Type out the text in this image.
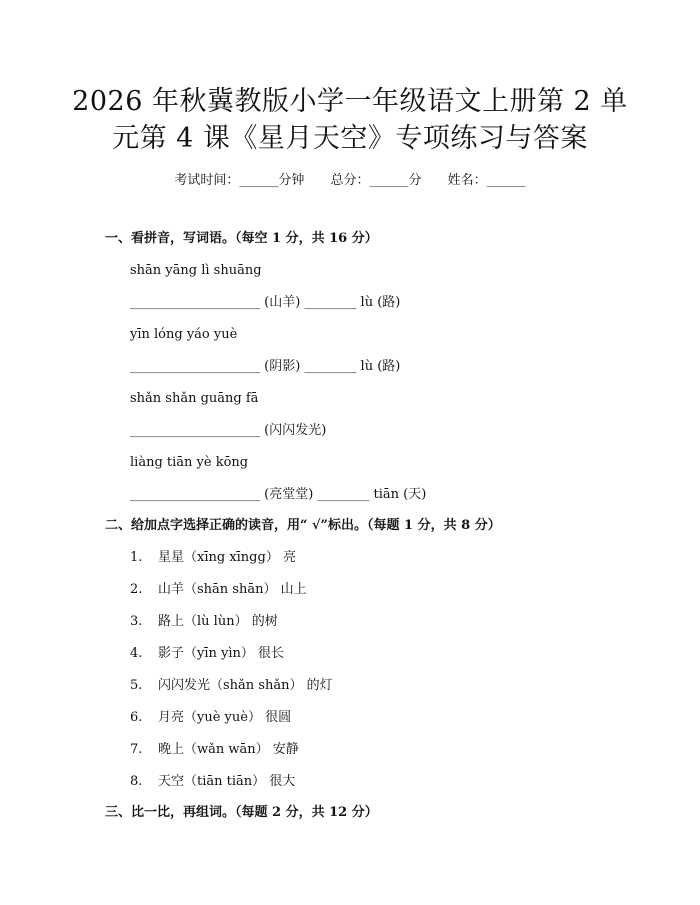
2026 年秋冀教版小学一年级语文上册第 2 单
元第 4 课《星月天空》专项练习与答案
考试时间：______分钟 总分：______分 姓名：______
一、看拼音，写词语。（每空 1 分，共 16 分）
shān yāng lì shuāng
____________________ (山羊) ________ lù (路)
yīn lóng yáo yuè
____________________ (阴影) ________ lù (路)
shǎn shǎn guāng fā
____________________ (闪闪发光)
liàng tiān yè kōng
____________________ (亮堂堂) ________ tiān (天)
二、给加点字选择正确的读音，用“ √”标出。（每题 1 分，共 8 分）
1. 星星（xīng xīngg） 亮
2. 山羊（shān shān） 山上
3. 路上（lù lùn） 的树
4. 影子（yīn yìn） 很长
5. 闪闪发光（shǎn shǎn） 的灯
6. 月亮（yuè yuè） 很圆
7. 晚上（wǎn wān） 安静
8. 天空（tiān tiān） 很大
三、比一比，再组词。（每题 2 分，共 12 分）
